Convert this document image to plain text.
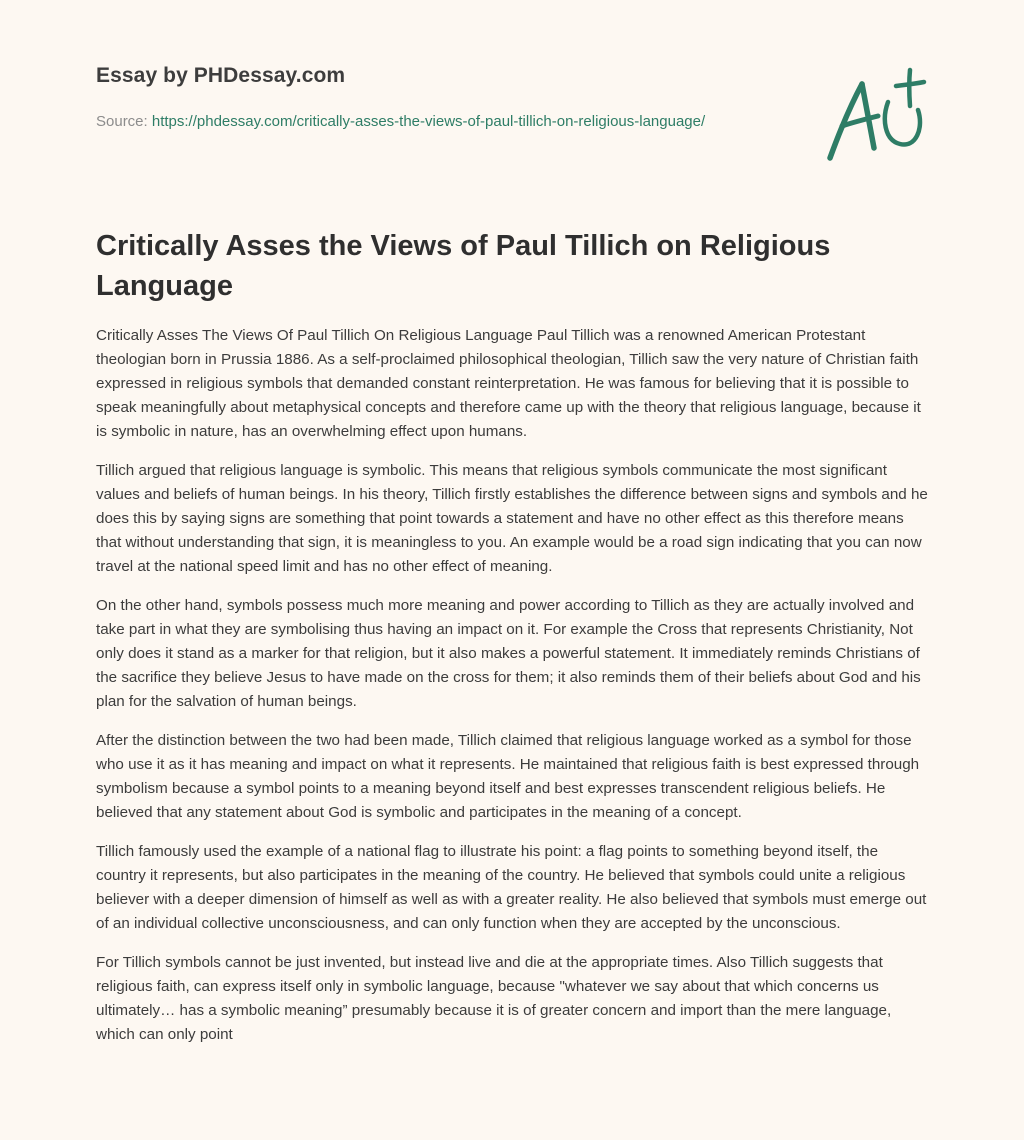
Essay by PHDessay.com
Source: https://phdessay.com/critically-asses-the-views-of-paul-tillich-on-religious-language/
Critically Asses the Views of Paul Tillich on Religious Language

Critically Asses The Views Of Paul Tillich On Religious Language Paul Tillich was a renowned American Protestant theologian born in Prussia 1886. As a self-proclaimed philosophical theologian, Tillich saw the very nature of Christian faith expressed in religious symbols that demanded constant reinterpretation. He was famous for believing that it is possible to speak meaningfully about metaphysical concepts and therefore came up with the theory that religious language, because it is symbolic in nature, has an overwhelming effect upon humans.

Tillich argued that religious language is symbolic. This means that religious symbols communicate the most significant values and beliefs of human beings. In his theory, Tillich firstly establishes the difference between signs and symbols and he does this by saying signs are something that point towards a statement and have no other effect as this therefore means that without understanding that sign, it is meaningless to you. An example would be a road sign indicating that you can now travel at the national speed limit and has no other effect of meaning.

On the other hand, symbols possess much more meaning and power according to Tillich as they are actually involved and take part in what they are symbolising thus having an impact on it. For example the Cross that represents Christianity, Not only does it stand as a marker for that religion, but it also makes a powerful statement. It immediately reminds Christians of the sacrifice they believe Jesus to have made on the cross for them; it also reminds them of their beliefs about God and his plan for the salvation of human beings.

After the distinction between the two had been made, Tillich claimed that religious language worked as a symbol for those who use it as it has meaning and impact on what it represents. He maintained that religious faith is best expressed through symbolism because a symbol points to a meaning beyond itself and best expresses transcendent religious beliefs. He believed that any statement about God is symbolic and participates in the meaning of a concept.

Tillich famously used the example of a national flag to illustrate his point: a flag points to something beyond itself, the country it represents, but also participates in the meaning of the country. He believed that symbols could unite a religious believer with a deeper dimension of himself as well as with a greater reality. He also believed that symbols must emerge out of an individual collective unconsciousness, and can only function when they are accepted by the unconscious.

For Tillich symbols cannot be just invented, but instead live and die at the appropriate times. Also Tillich suggests that religious faith, can express itself only in symbolic language, because "whatever we say about that which concerns us ultimately… has a symbolic meaning” presumably because it is of greater concern and import than the mere language, which can only point
